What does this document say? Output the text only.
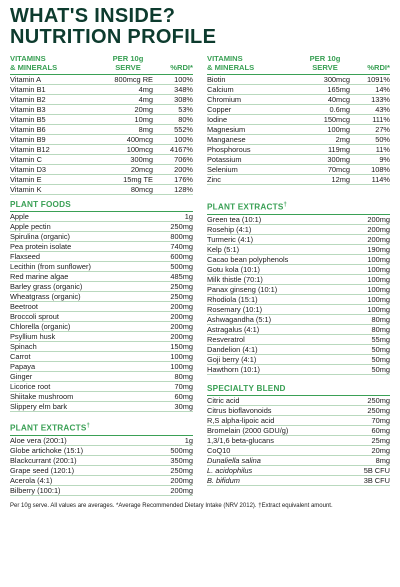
WHAT'S INSIDE?
NUTRITION PROFILE
VITAMINS
& MINERALS
PER 10g
SERVE	%RDI*
Vitamin A	800mcg RE	100%
Vitamin B1	4mg	348%
Vitamin B2	4mg	308%
Vitamin B3	20mg	53%
Vitamin B5	10mg	80%
Vitamin B6	8mg	552%
Vitamin B9	400mcg	100%
Vitamin B12	100mcg	4167%
Vitamin C	300mg	706%
Vitamin D3	20mcg	200%
Vitamin E	15mg TE	176%
Vitamin K	80mcg	128%
VITAMINS
& MINERALS
PER 10g
SERVE	%RDI*
Biotin	300mcg	1091%
Calcium	165mg	14%
Chromium	40mcg	133%
Copper	0.6mg	43%
Iodine	150mcg	111%
Magnesium	100mg	27%
Manganese	2mg	50%
Phosphorous	119mg	11%
Potassium	300mg	9%
Selenium	70mcg	108%
Zinc	12mg	114%
PLANT FOODS
Apple	1g
Apple pectin	250mg
Spirulina (organic)	800mg
Pea protein isolate	740mg
Flaxseed	600mg
Lecithin (from sunflower)	500mg
Red marine algae	485mg
Barley grass (organic)	250mg
Wheatgrass (organic)	250mg
Beetroot	200mg
Broccoli sprout	200mg
Chlorella (organic)	200mg
Psyllium husk	200mg
Spinach	150mg
Carrot	100mg
Papaya	100mg
Ginger	80mg
Licorice root	70mg
Shiitake mushroom	60mg
Slippery elm bark	30mg
PLANT EXTRACTS†
Aloe vera (200:1)	1g
Globe artichoke (15:1)	500mg
Blackcurrant (200:1)	350mg
Grape seed (120:1)	250mg
Acerola (4:1)	200mg
Bilberry (100:1)	200mg
PLANT EXTRACTS†
Green tea (10:1)	200mg
Rosehip (4:1)	200mg
Turmeric (4:1)	200mg
Kelp (5:1)	190mg
Cacao bean polyphenols	100mg
Gotu kola (10:1)	100mg
Milk thistle (70:1)	100mg
Panax ginseng (10:1)	100mg
Rhodiola (15:1)	100mg
Rosemary (10:1)	100mg
Ashwagandha (5:1)	80mg
Astragalus (4:1)	80mg
Resveratrol	55mg
Dandelion (4:1)	50mg
Goji berry (4:1)	50mg
Hawthorn (10:1)	50mg
SPECIALTY BLEND
Citric acid	250mg
Citrus bioflavonoids	250mg
R,S alpha-lipoic acid	70mg
Bromelain (2000 GDU/g)	60mg
1,3/1,6 beta-glucans	25mg
CoQ10	20mg
Dunaliella salina	8mg
L. acidophilus	5B CFU
B. bifidum	3B CFU
Per 10g serve. All values are averages. *Average Recommended Dietary Intake (NRV 2012). †Extract equivalent amount.
